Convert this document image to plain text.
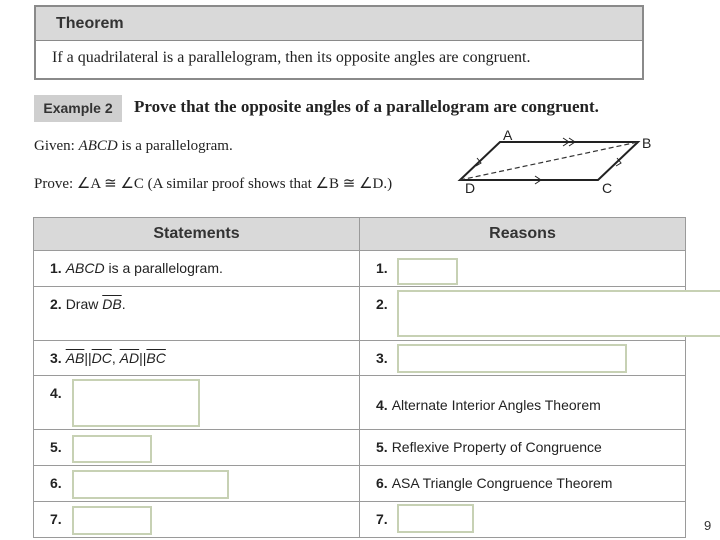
Theorem
If a quadrilateral is a parallelogram, then its opposite angles are congruent.
Example 2	Prove that the opposite angles of a parallelogram are congruent.
Given: ABCD is a parallelogram.
Prove: ∠A ≅ ∠C (A similar proof shows that ∠B ≅ ∠D.)
A	B
C
D
Statements	Reasons

1. ABCD is a parallelogram.	1.

2. Draw $\overline{DB}$.	2.

3. $\overline{AB}||\overline{DC}$, $\overline{AD}||\overline{BC}$	3.

4.	4. Alternate Interior Angles Theorem

5.	5. Reflexive Property of Congruence

6.	6. ASA Triangle Congruence Theorem

7.	7.	9
